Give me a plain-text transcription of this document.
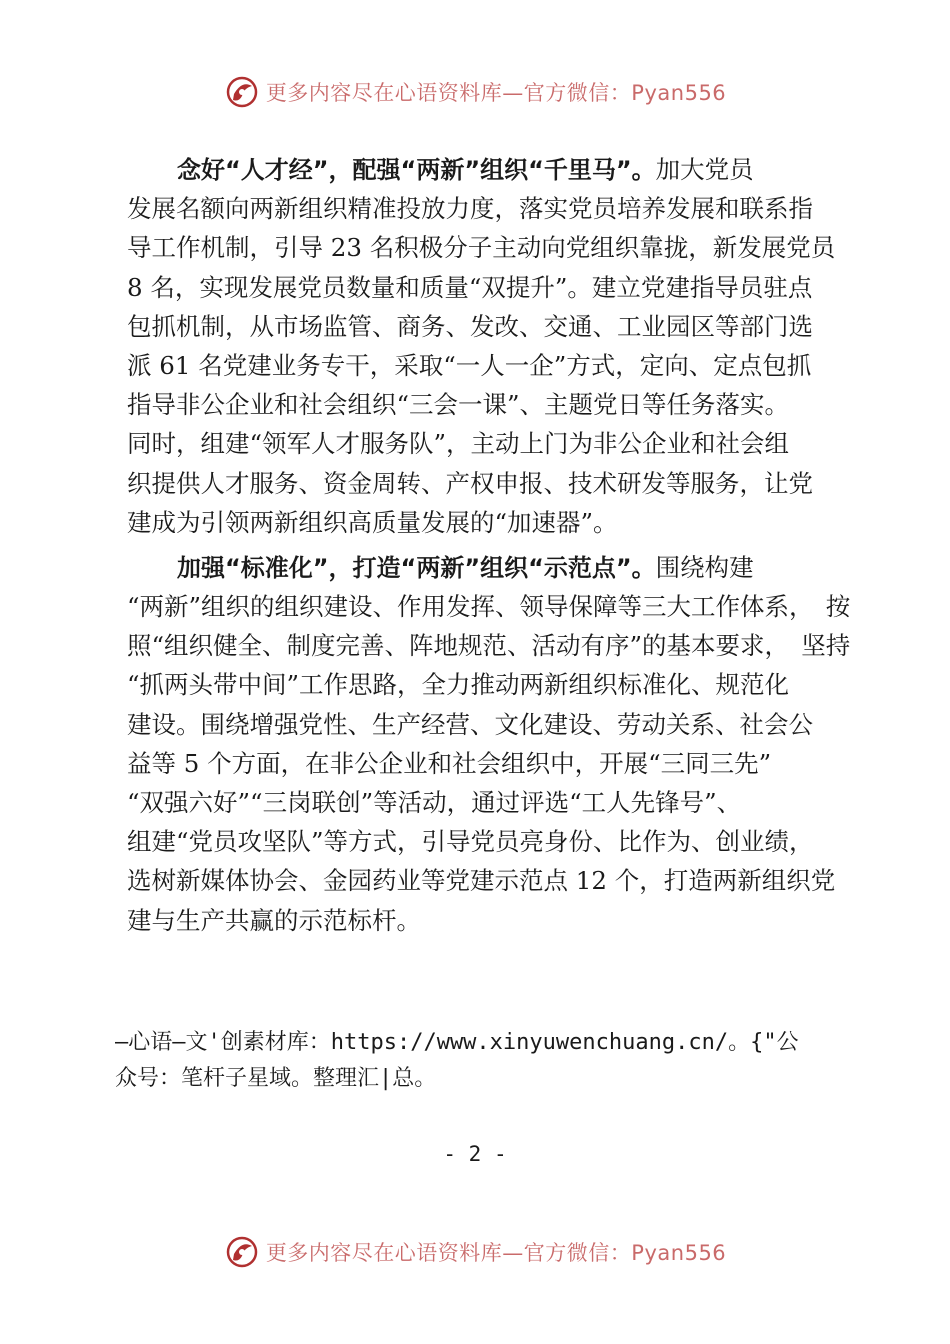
更多内容尽在心语资料库—官方微信：Pyan556

念好“人才经”，配强“两新”组织“千里马”。加大党员
发展名额向两新组织精准投放力度，落实党员培养发展和联系指
导工作机制，引导 23 名积极分子主动向党组织靠拢，新发展党员
8 名，实现发展党员数量和质量“双提升”。建立党建指导员驻点
包抓机制，从市场监管、商务、发改、交通、工业园区等部门选
派 61 名党建业务专干，采取“一人一企”方式，定向、定点包抓
指导非公企业和社会组织“三会一课”、主题党日等任务落实。
同时，组建“领军人才服务队”，主动上门为非公企业和社会组
织提供人才服务、资金周转、产权申报、技术研发等服务，让党
建成为引领两新组织高质量发展的“加速器”。

加强“标准化”，打造“两新”组织“示范点”。围绕构建
“两新”组织的组织建设、作用发挥、领导保障等三大工作体系，　按
照“组织健全、制度完善、阵地规范、活动有序”的基本要求，　坚持
“抓两头带中间”工作思路，全力推动两新组织标准化、规范化
建设。围绕增强党性、生产经营、文化建设、劳动关系、社会公
益等 5 个方面，在非公企业和社会组织中，开展“三同三先”
“双强六好”“三岗联创”等活动，通过评选“工人先锋号”、
组建“党员攻坚队”等方式，引导党员亮身份、比作为、创业绩，
选树新媒体协会、金园药业等党建示范点 12 个，打造两新组织党
建与生产共赢的示范标杆。

—心语—文'创素材库：https://www.xinyuwenchuang.cn/。{"公
众号：笔杆子星域。整理汇|总。
- 2 -
更多内容尽在心语资料库—官方微信：Pyan556
